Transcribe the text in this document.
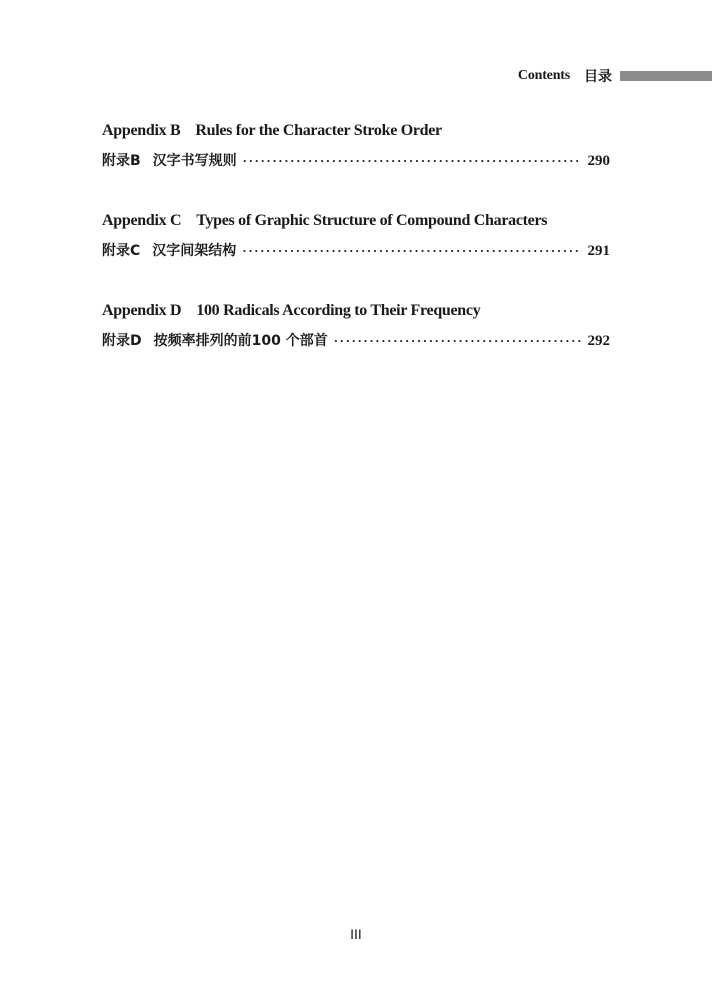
Contents 目录
Appendix B Rules for the Character Stroke Order
附录B 汉字书写规则 ·····	290
Appendix C Types of Graphic Structure of Compound Characters
附录C 汉字间架结构 ·····	291
Appendix D 100 Radicals According to Their Frequency
附录D 按频率排列的前100 个部首 ·····	292
III
